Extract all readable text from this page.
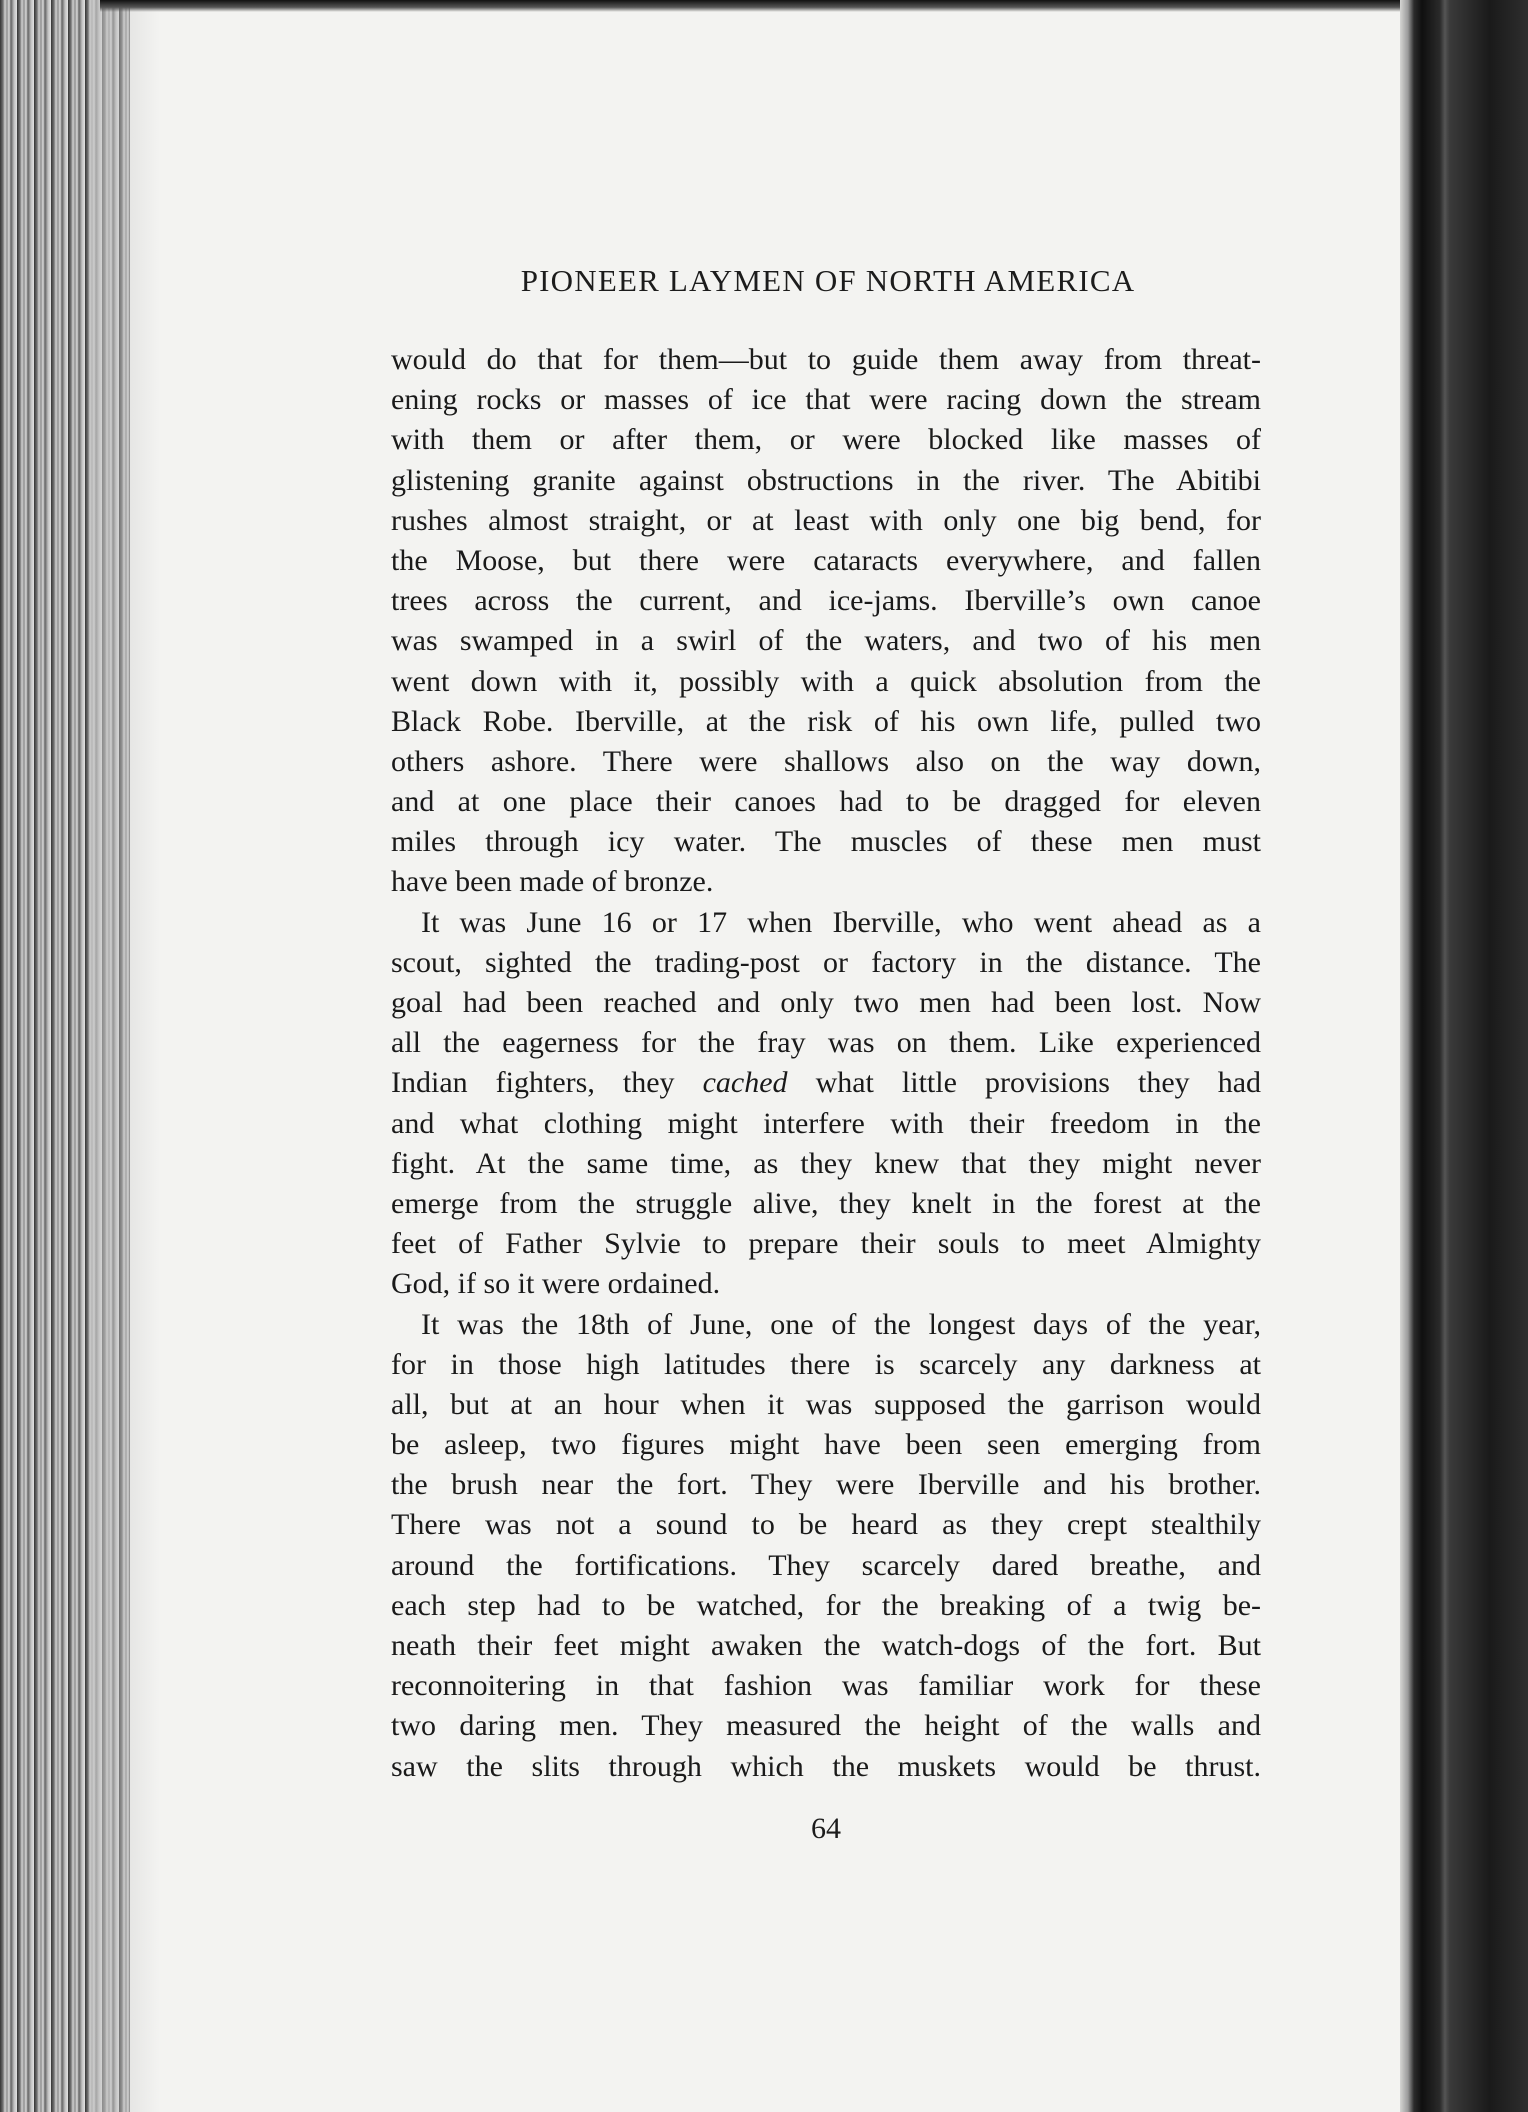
PIONEER LAYMEN OF NORTH AMERICA
would do that for them—but to guide them away from threat-
ening rocks or masses of ice that were racing down the stream
with them or after them, or were blocked like masses of
glistening granite against obstructions in the river. The Abitibi
rushes almost straight, or at least with only one big bend, for
the Moose, but there were cataracts everywhere, and fallen
trees across the current, and ice-jams. Iberville’s own canoe
was swamped in a swirl of the waters, and two of his men
went down with it, possibly with a quick absolution from the
Black Robe. Iberville, at the risk of his own life, pulled two
others ashore. There were shallows also on the way down,
and at one place their canoes had to be dragged for eleven
miles through icy water. The muscles of these men must
have been made of bronze.
It was June 16 or 17 when Iberville, who went ahead as a
scout, sighted the trading-post or factory in the distance. The
goal had been reached and only two men had been lost. Now
all the eagerness for the fray was on them. Like experienced
Indian fighters, they cached what little provisions they had
and what clothing might interfere with their freedom in the
fight. At the same time, as they knew that they might never
emerge from the struggle alive, they knelt in the forest at the
feet of Father Sylvie to prepare their souls to meet Almighty
God, if so it were ordained.
It was the 18th of June, one of the longest days of the year,
for in those high latitudes there is scarcely any darkness at
all, but at an hour when it was supposed the garrison would
be asleep, two figures might have been seen emerging from
the brush near the fort. They were Iberville and his brother.
There was not a sound to be heard as they crept stealthily
around the fortifications. They scarcely dared breathe, and
each step had to be watched, for the breaking of a twig be-
neath their feet might awaken the watch-dogs of the fort. But
reconnoitering in that fashion was familiar work for these
two daring men. They measured the height of the walls and
saw the slits through which the muskets would be thrust.
64
